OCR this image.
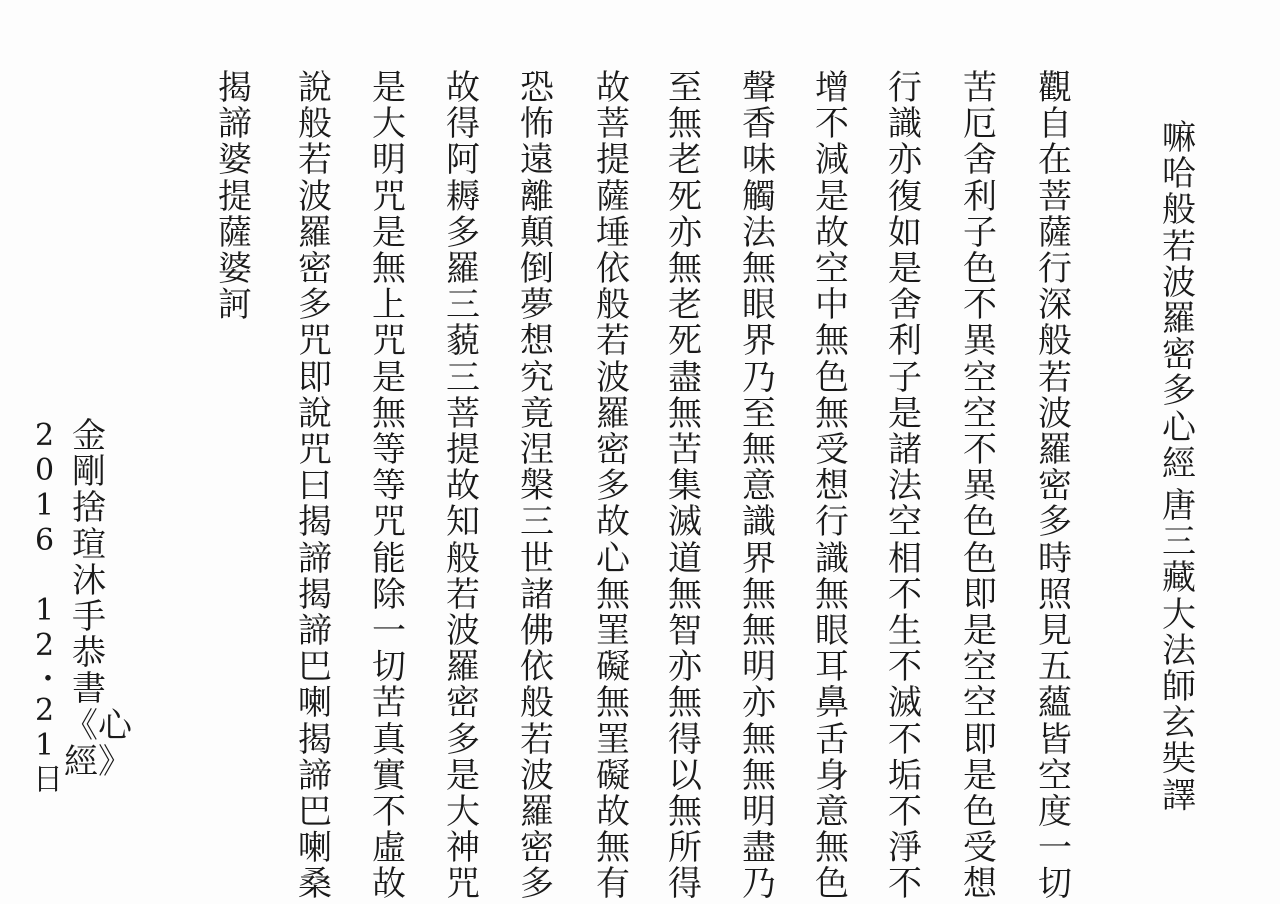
嘛哈般若波羅密多心經
唐三藏大法師玄奘譯
觀自在菩薩行深般若波羅密多時照見五蘊皆空度一切
苦厄舍利子色不異空空不異色色即是空空即是色受想
行識亦復如是舍利子是諸法空相不生不滅不垢不淨不
增不減是故空中無色無受想行識無眼耳鼻舌身意無色
聲香味觸法無眼界乃至無意識界無無明亦無無明盡乃
至無老死亦無老死盡無苦集滅道無智亦無得以無所得
故菩提薩埵依般若波羅密多故心無罣礙無罣礙故無有
恐怖遠離顛倒夢想究竟涅槃三世諸佛依般若波羅密多
故得阿耨多羅三藐三菩提故知般若波羅密多是大神咒
是大明咒是無上咒是無等等咒能除一切苦真實不虛故
說般若波羅密多咒即說咒曰揭諦揭諦巴喇揭諦巴喇桑
揭諦婆提薩婆訶
金剛捨瑄 沐手恭書 《心經》
2016 12・21日
